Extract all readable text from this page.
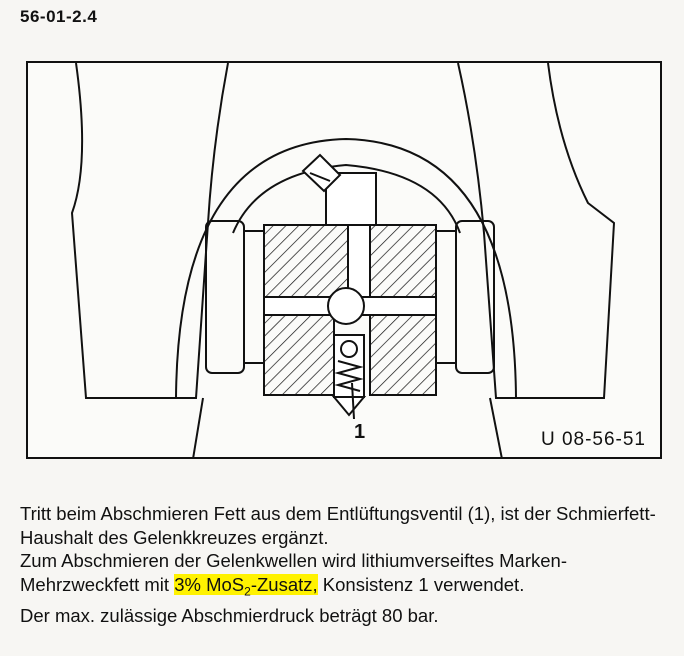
56-01-2.4
1	U 08-56-51

Tritt beim Abschmieren Fett aus dem Entlüftungsventil (1), ist der Schmierfett-Haushalt des Gelenkkreuzes ergänzt.

Zum Abschmieren der Gelenkwellen wird lithiumverseiftes Marken-Mehrzweckfett mit 3% MoS$_2$-Zusatz, Konsistenz 1 verwendet.

Der max. zulässige Abschmierdruck beträgt 80 bar.
